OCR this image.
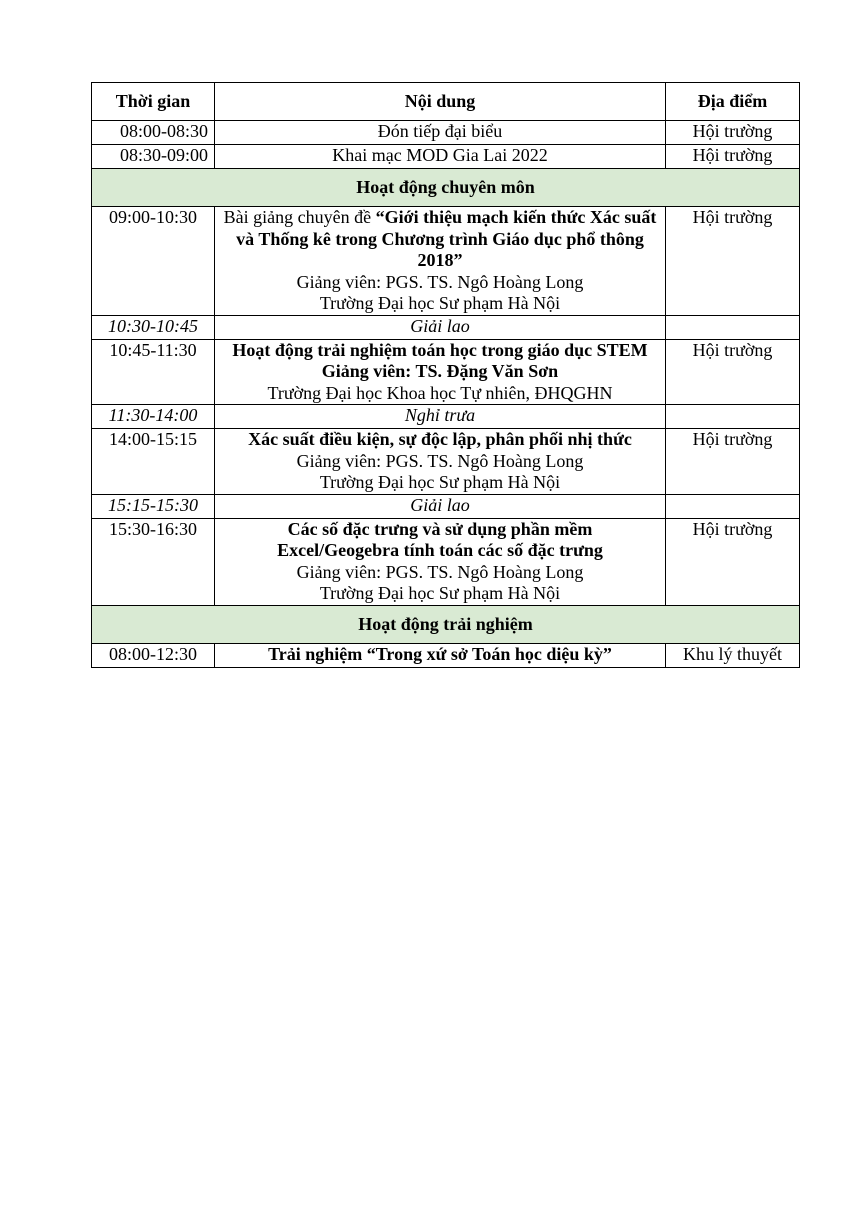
Thời gian	Nội dung	Địa điểm
08:00-08:30	Đón tiếp đại biểu	Hội trường
08:30-09:00	Khai mạc MOD Gia Lai 2022	Hội trường
Hoạt động chuyên môn		
09:00-10:30	Bài giảng chuyên đề “Giới thiệu mạch kiến thức Xác suất và Thống kê trong Chương trình Giáo dục phổ thông 2018”
Giảng viên: PGS. TS. Ngô Hoàng Long
Trường Đại học Sư phạm Hà Nội	Hội trường
10:30-10:45	Giải lao	
10:45-11:30	Hoạt động trải nghiệm toán học trong giáo dục STEM
Giảng viên: TS. Đặng Văn Sơn
Trường Đại học Khoa học Tự nhiên, ĐHQGHN	Hội trường
11:30-14:00	Nghỉ trưa	
14:00-15:15	Xác suất điều kiện, sự độc lập, phân phối nhị thức
Giảng viên: PGS. TS. Ngô Hoàng Long
Trường Đại học Sư phạm Hà Nội	Hội trường
15:15-15:30	Giải lao	
15:30-16:30	Các số đặc trưng và sử dụng phần mềm
Excel/Geogebra tính toán các số đặc trưng
Giảng viên: PGS. TS. Ngô Hoàng Long
Trường Đại học Sư phạm Hà Nội	Hội trường
Hoạt động trải nghiệm		
08:00-12:30	Trải nghiệm “Trong xứ sở Toán học diệu kỳ”	Khu lý thuyết
